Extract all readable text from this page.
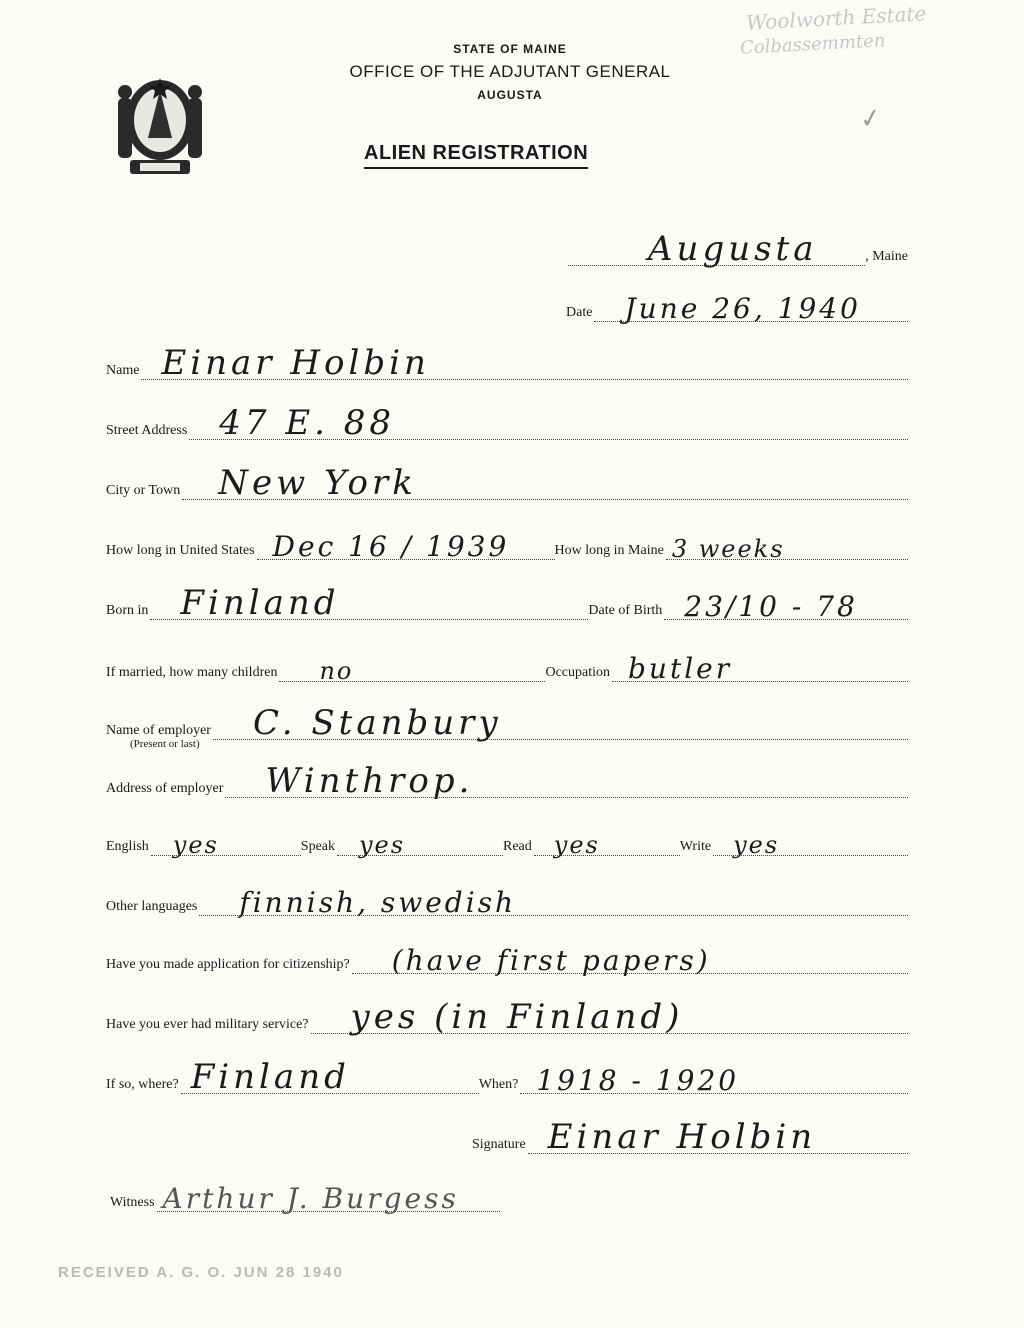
Woolworth Estate
Colbassemmten
✓
STATE OF MAINE
OFFICE OF THE ADJUTANT GENERAL
AUGUSTA
ALIEN REGISTRATION
Augusta	, Maine
Date June 26, 1940
Name Einar Holbin
Street Address 47 E. 88
City or Town New York
How long in United States Dec 16 / 1939	How long in Maine 3 weeks
Born in Finland	Date of Birth 23/10 - 78
If married, how many children no	Occupation butler
Name of employer C. Stanbury
(Present or last)
Address of employer Winthrop.
English yes	Speak yes	Read yes	Write yes
Other languages finnish, swedish
Have you made application for citizenship? (have first papers)
Have you ever had military service? yes (in Finland)
If so, where? Finland	When? 1918 - 1920
Signature Einar Holbin
Witness Arthur J. Burgess
RECEIVED A. G. O. JUN 28 1940
